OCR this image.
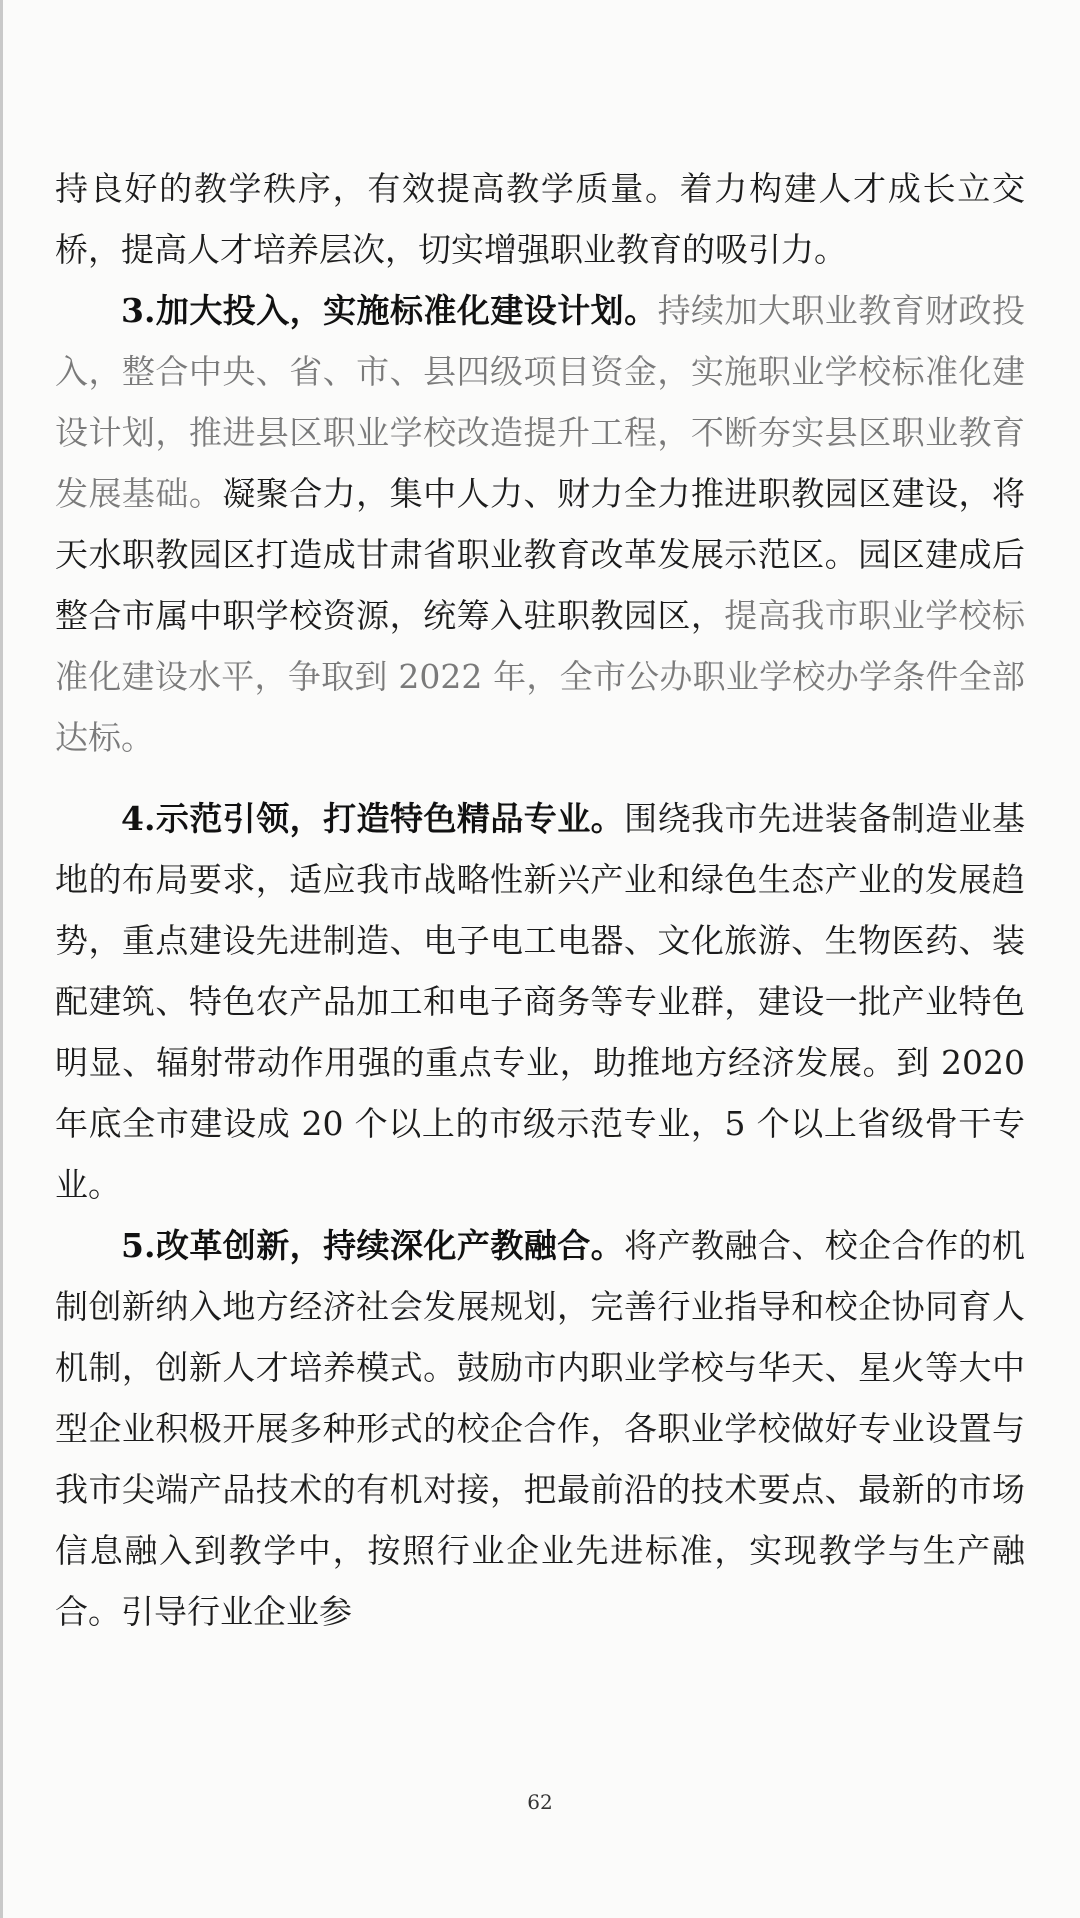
持良好的教学秩序，有效提高教学质量。着力构建人才成长立交桥，提高人才培养层次，切实增强职业教育的吸引力。

3.加大投入，实施标准化建设计划。持续加大职业教育财政投入，整合中央、省、市、县四级项目资金，实施职业学校标准化建设计划，推进县区职业学校改造提升工程，不断夯实县区职业教育发展基础。凝聚合力，集中人力、财力全力推进职教园区建设，将天水职教园区打造成甘肃省职业教育改革发展示范区。园区建成后整合市属中职学校资源，统筹入驻职教园区，提高我市职业学校标准化建设水平，争取到 2022 年，全市公办职业学校办学条件全部达标。

4.示范引领，打造特色精品专业。围绕我市先进装备制造业基地的布局要求，适应我市战略性新兴产业和绿色生态产业的发展趋势，重点建设先进制造、电子电工电器、文化旅游、生物医药、装配建筑、特色农产品加工和电子商务等专业群，建设一批产业特色明显、辐射带动作用强的重点专业，助推地方经济发展。到 2020 年底全市建设成 20 个以上的市级示范专业，5 个以上省级骨干专业。

5.改革创新，持续深化产教融合。将产教融合、校企合作的机制创新纳入地方经济社会发展规划，完善行业指导和校企协同育人机制，创新人才培养模式。鼓励市内职业学校与华天、星火等大中型企业积极开展多种形式的校企合作，各职业学校做好专业设置与我市尖端产品技术的有机对接，把最前沿的技术要点、最新的市场信息融入到教学中，按照行业企业先进标准，实现教学与生产融合。引导行业企业参

62
